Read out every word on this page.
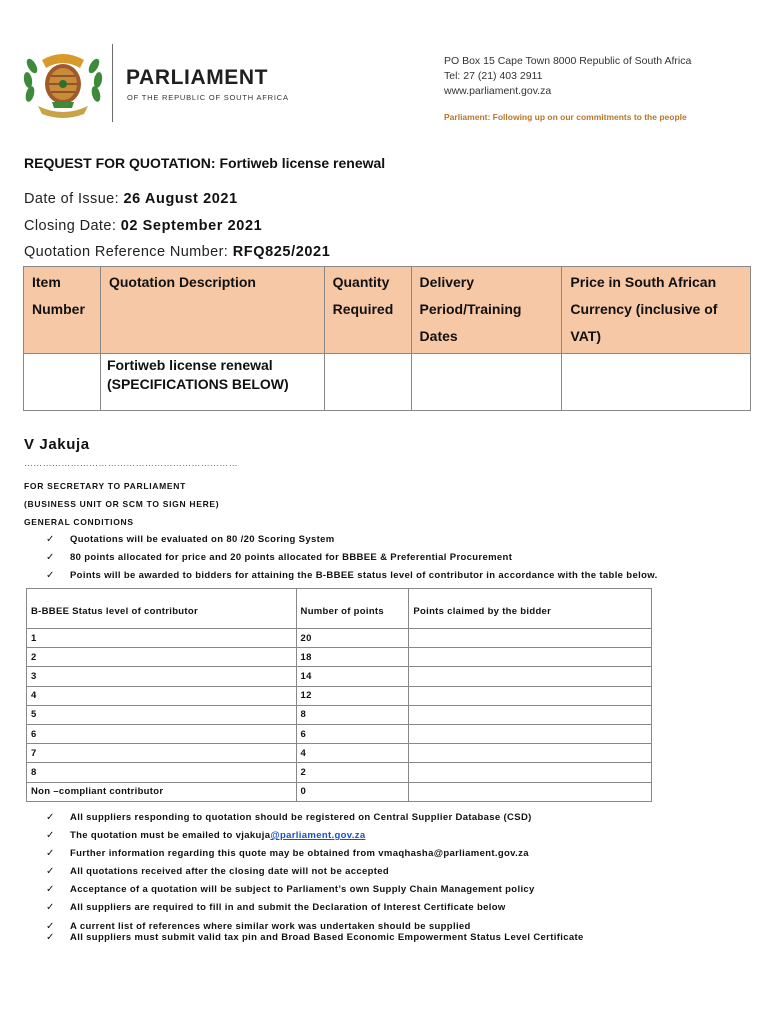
PARLIAMENT
OF THE REPUBLIC OF SOUTH AFRICA
PO Box 15 Cape Town 8000 Republic of South Africa
Tel: 27 (21) 403 2911
www.parliament.gov.za
Parliament: Following up on our commitments to the people
REQUEST FOR QUOTATION: Fortiweb license renewal
Date of Issue: 26 August 2021
Closing Date: 02 September 2021
Quotation Reference Number: RFQ825/2021
Item Number	Quotation Description	Quantity Required	Delivery Period/Training Dates	Price in South African Currency (inclusive of VAT)

	Fortiweb license renewal
(SPECIFICATIONS BELOW)			

V Jakuja
……………………………………………………………
FOR SECRETARY TO PARLIAMENT
(BUSINESS UNIT OR SCM TO SIGN HERE)
GENERAL CONDITIONS
✓ Quotations will be evaluated on 80 /20 Scoring System
✓ 80 points allocated for price and 20 points allocated for BBBEE & Preferential Procurement
✓ Points will be awarded to bidders for attaining the B-BBEE status level of contributor in accordance with the table below.
B-BBEE Status level of contributor	Number of points	Points claimed by the bidder
1	20	
2	18	
3	14	
4	12	
5	8	
6	6	
7	4	
8	2	
Non –compliant contributor	0	
✓ All suppliers responding to quotation should be registered on Central Supplier Database (CSD)
✓ The quotation must be emailed to vjakuja@parliament.gov.za
✓ Further information regarding this quote may be obtained from vmaqhasha@parliament.gov.za
✓ All quotations received after the closing date will not be accepted
✓ Acceptance of a quotation will be subject to Parliament’s own Supply Chain Management policy
✓ All suppliers are required to fill in and submit the Declaration of Interest Certificate below
✓ A current list of references where similar work was undertaken should be supplied
✓ All suppliers must submit valid tax pin and Broad Based Economic Empowerment Status Level Certificate
